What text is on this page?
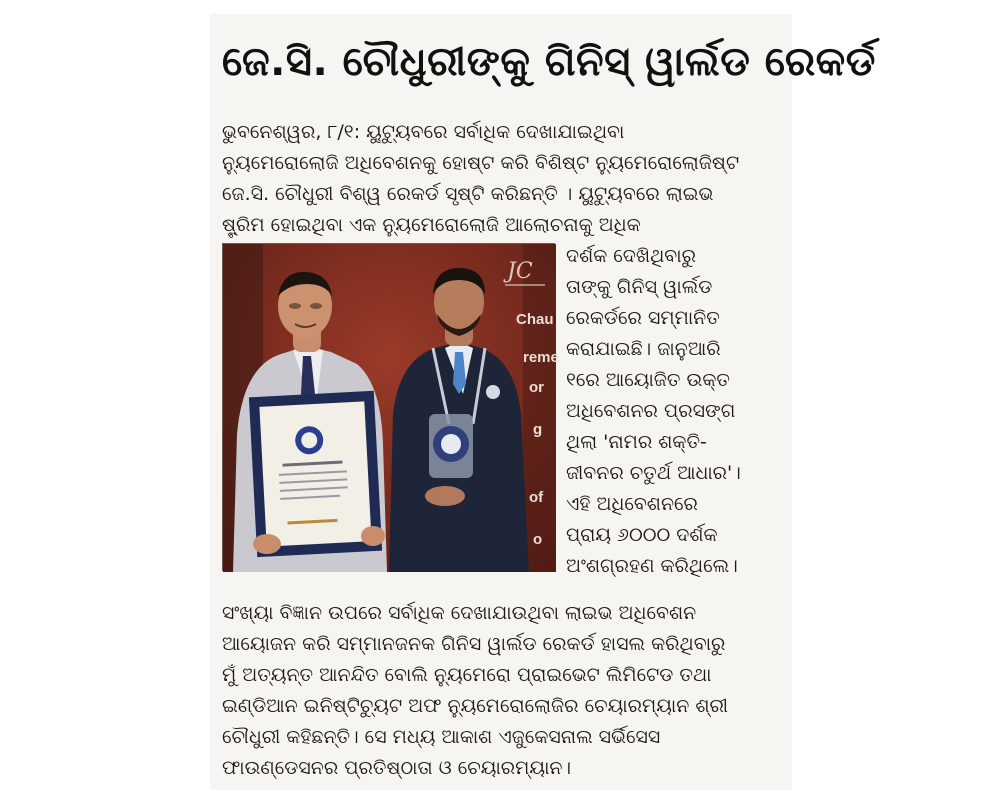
ଜେ.ସି. ଚୌଧୁରୀଙ୍କୁ ଗିନିସ୍ ୱାର୍ଲଡ ରେକର୍ଡ

ଭୁବନେଶ୍ୱର, ୮/୧: ୟୁଟ୍ୟୁବରେ ସର୍ବାଧିକ ଦେଖାଯାଇଥିବା

ନ୍ୟୁମେରୋଲୋଜି ଅଧିବେଶନକୁ ହୋଷ୍ଟ କରି ବିଶିଷ୍ଟ ନ୍ୟୁମେରୋଲୋଜିଷ୍ଟ

ଜେ.ସି. ଚୌଧୁରୀ ବିଶ୍ୱ ରେକର୍ଡ ସୃଷ୍ଟି କରିଛନ୍ତି । ୟୁଟ୍ୟୁବରେ ଲାଇଭ

ଷ୍ଟ୍ରିମ ହୋଇଥିବା ଏକ ନ୍ୟୁମେରୋଲୋଜି ଆଲୋଚନାକୁ ଅଧିକ

JC
Chau
reme
or
g
of
o

ଦର୍ଶକ ଦେଖିଥିବାରୁ

ତାଙ୍କୁ ଗିନିସ୍ ୱାର୍ଲଡ

ରେକର୍ଡରେ ସମ୍ମାନିତ

କରାଯାଇଛି। ଜାନୁଆରି

୧ରେ ଆୟୋଜିତ ଉକ୍ତ

ଅଧିବେଶନର ପ୍ରସଙ୍ଗ

ଥିଲା 'ନାମର ଶକ୍ତି-

ଜୀବନର ଚତୁର୍ଥ ଆଧାର'।

ଏହି ଅଧିବେଶନରେ

ପ୍ରାୟ ୬୦୦୦ ଦର୍ଶକ

ଅଂଶଗ୍ରହଣ କରିଥିଲେ।

ସଂଖ୍ୟା ବିଜ୍ଞାନ ଉପରେ ସର୍ବାଧିକ ଦେଖାଯାଉଥିବା ଲାଇଭ ଅଧିବେଶନ

ଆୟୋଜନ କରି ସମ୍ମାନଜନକ ଗିନିସ ୱାର୍ଲଡ ରେକର୍ଡ ହାସଲ କରିଥିବାରୁ

ମୁଁ ଅତ୍ୟନ୍ତ ଆନନ୍ଦିତ ବୋଲି ନ୍ୟୁମେରୋ ପ୍ରାଇଭେଟ ଲିମିଟେଡ ତଥା

ଇଣ୍ଡିଆନ ଇନିଷ୍ଟିଚ୍ୟୁଟ ଅଫ ନ୍ୟୁମେରୋଲୋଜିର ଚେୟାରମ୍ୟାନ ଶ୍ରୀ

ଚୌଧୁରୀ କହିଛନ୍ତି। ସେ ମଧ୍ୟ ଆକାଶ ଏଜୁକେସନାଲ ସର୍ଭିସେସ

ଫାଉଣ୍ଡେସନର ପ୍ରତିଷ୍ଠାତା ଓ ଚେୟାରମ୍ୟାନ।
